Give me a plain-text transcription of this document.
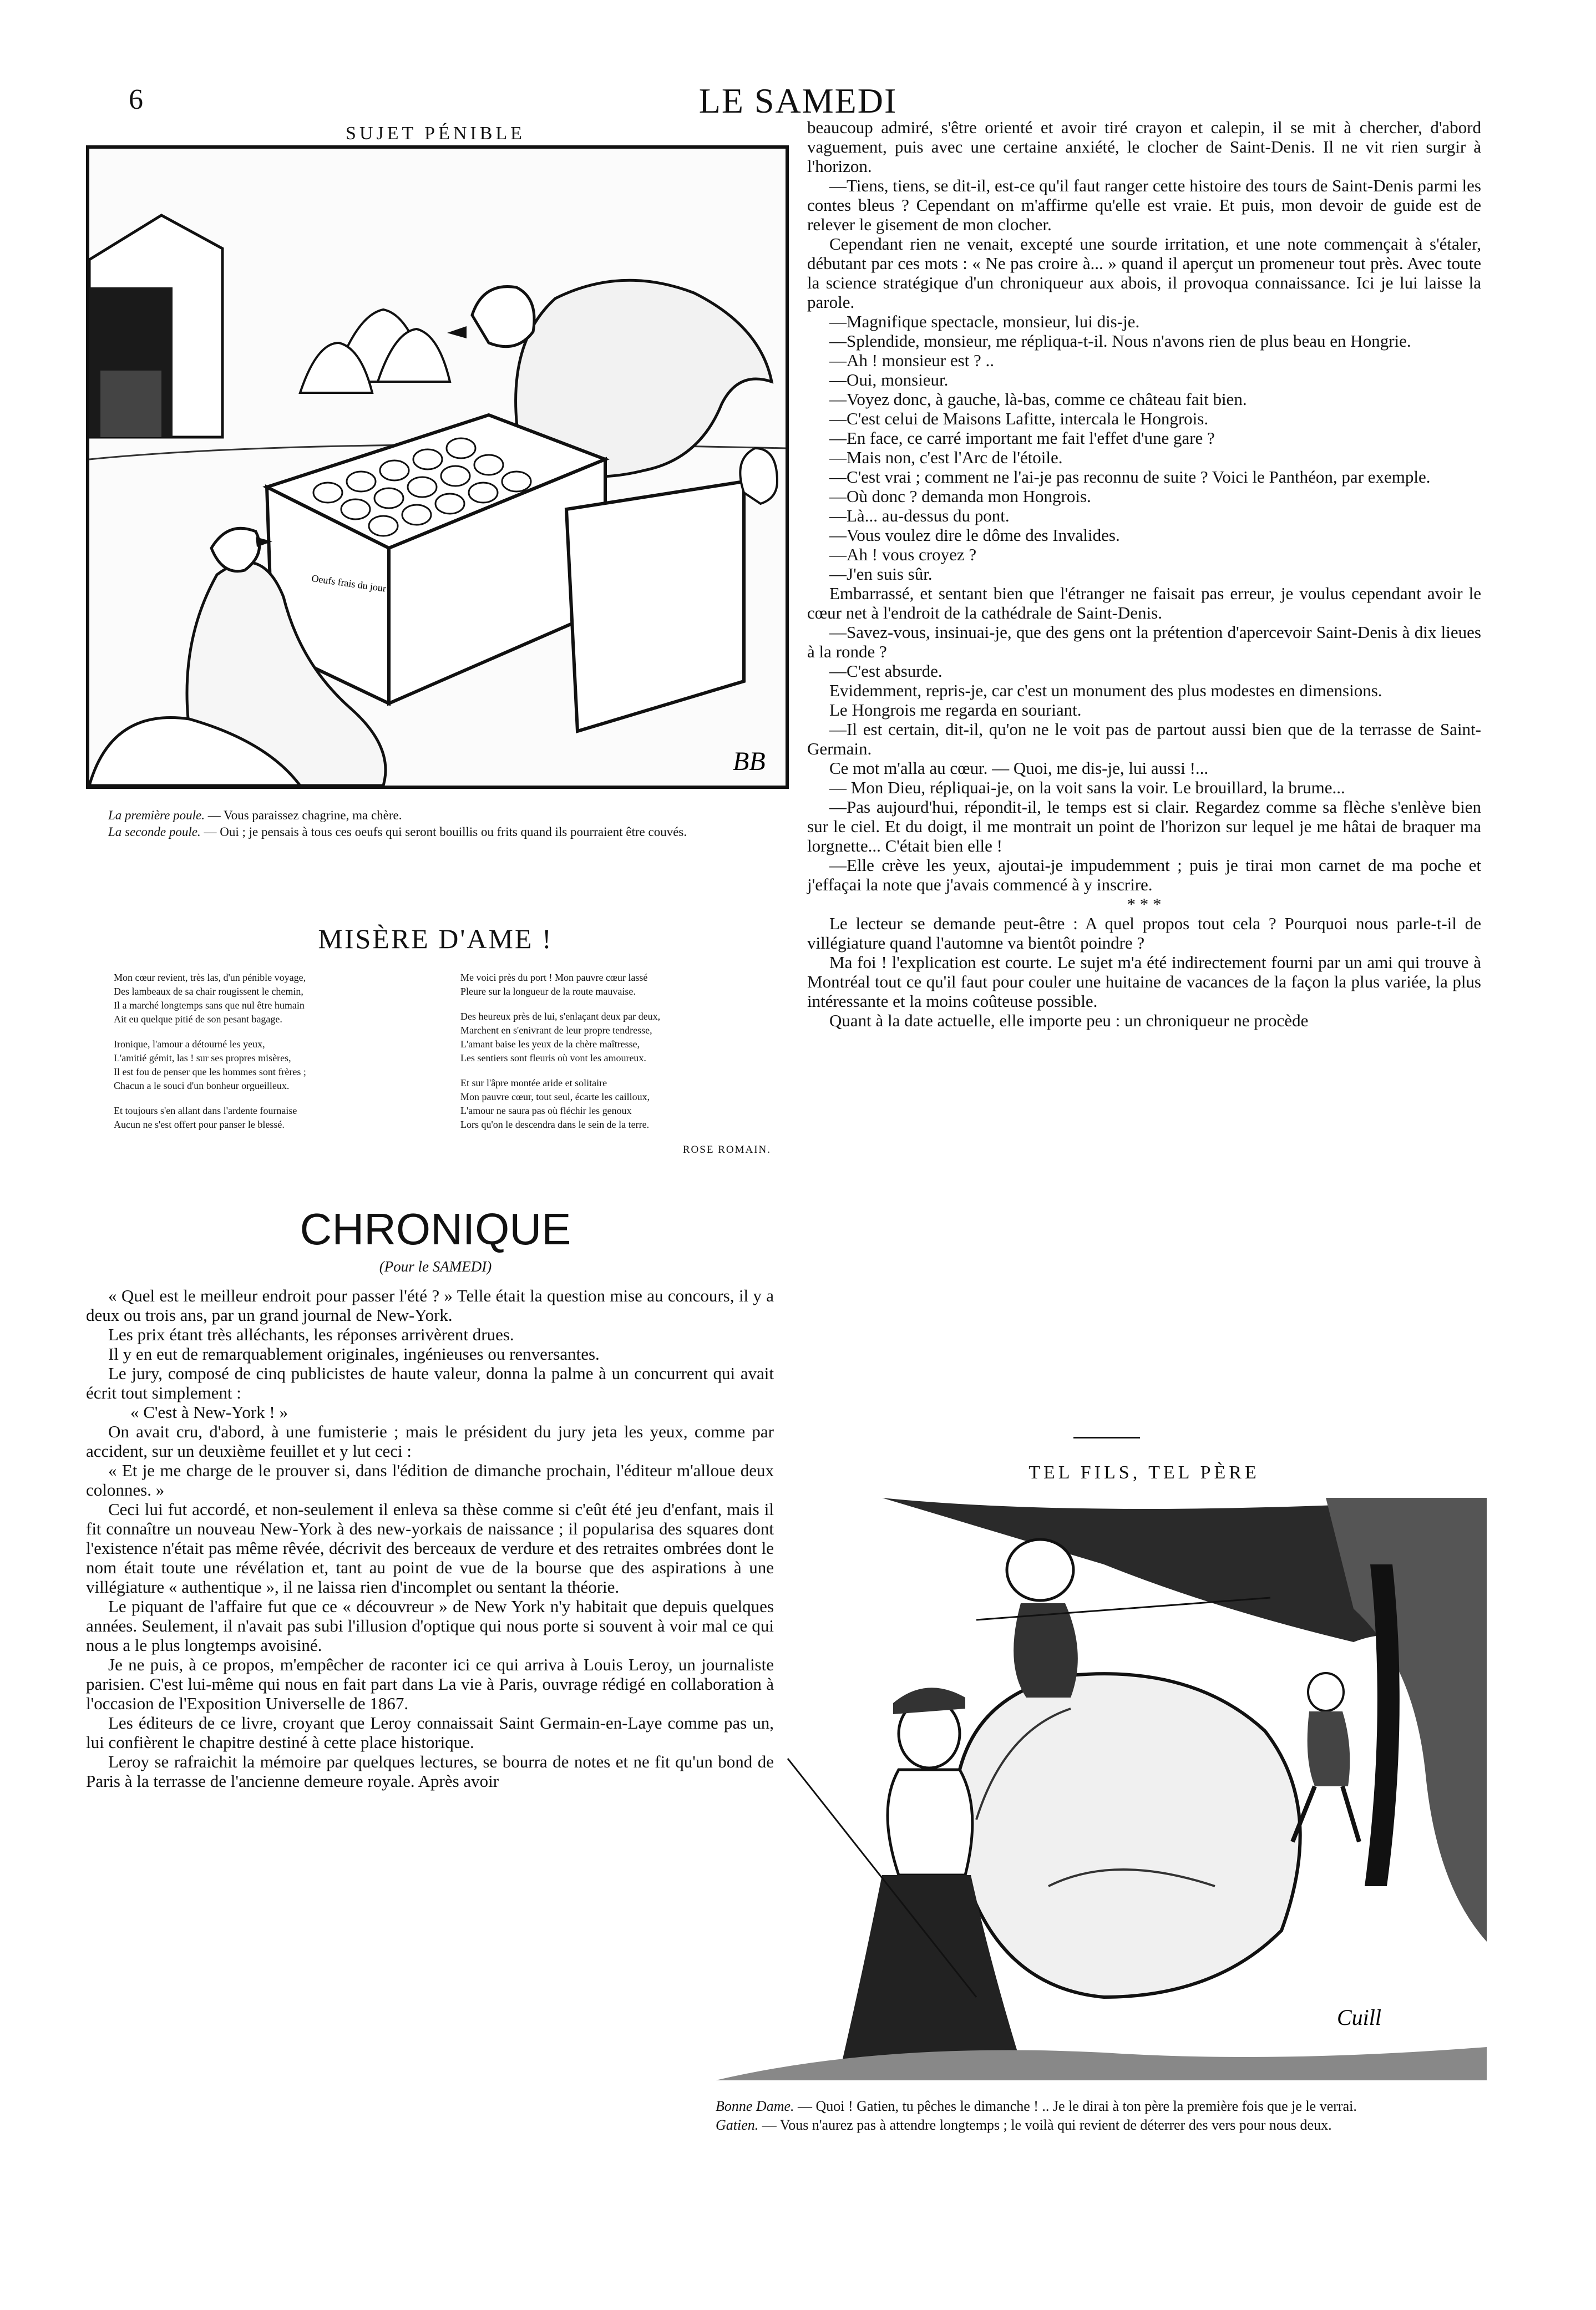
6	LE SAMEDI
SUJET PÉNIBLE
Oeufs frais du jour
BB
La première poule. — Vous paraissez chagrine, ma chère.
La seconde poule. — Oui ; je pensais à tous ces oeufs qui seront bouillis ou frits quand ils pourraient être couvés.
MISÈRE D'AME !
Mon cœur revient, très las, d'un pénible voyage,
Des lambeaux de sa chair rougissent le chemin,
Il a marché longtemps sans que nul être humain
Ait eu quelque pitié de son pesant bagage.
Ironique, l'amour a détourné les yeux,
L'amitié gémit, las ! sur ses propres misères,
Il est fou de penser que les hommes sont frères ;
Chacun a le souci d'un bonheur orgueilleux.
Et toujours s'en allant dans l'ardente fournaise
Aucun ne s'est offert pour panser le blessé.
Me voici près du port ! Mon pauvre cœur lassé
Pleure sur la longueur de la route mauvaise.
Des heureux près de lui, s'enlaçant deux par deux,
Marchent en s'enivrant de leur propre tendresse,
L'amant baise les yeux de la chère maîtresse,
Les sentiers sont fleuris où vont les amoureux.
Et sur l'âpre montée aride et solitaire
Mon pauvre cœur, tout seul, écarte les cailloux,
L'amour ne saura pas où fléchir les genoux
Lors qu'on le descendra dans le sein de la terre.
ROSE ROMAIN.
CHRONIQUE
(Pour le SAMEDI)

« Quel est le meilleur endroit pour passer l'été ? » Telle était la question mise au concours, il y a deux ou trois ans, par un grand journal de New-York.

Les prix étant très alléchants, les réponses arrivèrent drues.

Il y en eut de remarquablement originales, ingénieuses ou renversantes.

Le jury, composé de cinq publicistes de haute valeur, donna la palme à un concurrent qui avait écrit tout simplement :

« C'est à New-York ! »

On avait cru, d'abord, à une fumisterie ; mais le président du jury jeta les yeux, comme par accident, sur un deuxième feuillet et y lut ceci :

« Et je me charge de le prouver si, dans l'édition de dimanche prochain, l'éditeur m'alloue deux colonnes. »

Ceci lui fut accordé, et non-seulement il enleva sa thèse comme si c'eût été jeu d'enfant, mais il fit connaître un nouveau New-York à des new-yorkais de naissance ; il popularisa des squares dont l'existence n'était pas même rêvée, décrivit des berceaux de verdure et des retraites ombrées dont le nom était toute une révélation et, tant au point de vue de la bourse que des aspirations à une villégiature « authentique », il ne laissa rien d'incomplet ou sentant la théorie.

Le piquant de l'affaire fut que ce « découvreur » de New York n'y habitait que depuis quelques années. Seulement, il n'avait pas subi l'illusion d'optique qui nous porte si souvent à voir mal ce qui nous a le plus longtemps avoisiné.

Je ne puis, à ce propos, m'empêcher de raconter ici ce qui arriva à Louis Leroy, un journaliste parisien. C'est lui-même qui nous en fait part dans La vie à Paris, ouvrage rédigé en collaboration à l'occasion de l'Exposition Universelle de 1867.

Les éditeurs de ce livre, croyant que Leroy connaissait Saint Germain-en-Laye comme pas un, lui confièrent le chapitre destiné à cette place historique.

Leroy se rafraichit la mémoire par quelques lectures, se bourra de notes et ne fit qu'un bond de Paris à la terrasse de l'ancienne demeure royale. Après avoir

beaucoup admiré, s'être orienté et avoir tiré crayon et calepin, il se mit à chercher, d'abord vaguement, puis avec une certaine anxiété, le clocher de Saint-Denis. Il ne vit rien surgir à l'horizon.

—Tiens, tiens, se dit-il, est-ce qu'il faut ranger cette histoire des tours de Saint-Denis parmi les contes bleus ? Cependant on m'affirme qu'elle est vraie. Et puis, mon devoir de guide est de relever le gisement de mon clocher.

Cependant rien ne venait, excepté une sourde irritation, et une note commençait à s'étaler, débutant par ces mots : « Ne pas croire à... » quand il aperçut un promeneur tout près. Avec toute la science stratégique d'un chroniqueur aux abois, il provoqua connaissance. Ici je lui laisse la parole.

—Magnifique spectacle, monsieur, lui dis-je.

—Splendide, monsieur, me répliqua-t-il. Nous n'avons rien de plus beau en Hongrie.

—Ah ! monsieur est ? ..

—Oui, monsieur.

—Voyez donc, à gauche, là-bas, comme ce château fait bien.

—C'est celui de Maisons Lafitte, intercala le Hongrois.

—En face, ce carré important me fait l'effet d'une gare ?

—Mais non, c'est l'Arc de l'étoile.

—C'est vrai ; comment ne l'ai-je pas reconnu de suite ? Voici le Panthéon, par exemple.

—Où donc ? demanda mon Hongrois.

—Là... au-dessus du pont.

—Vous voulez dire le dôme des Invalides.

—Ah ! vous croyez ?

—J'en suis sûr.

Embarrassé, et sentant bien que l'étranger ne faisait pas erreur, je voulus cependant avoir le cœur net à l'endroit de la cathédrale de Saint-Denis.

—Savez-vous, insinuai-je, que des gens ont la prétention d'apercevoir Saint-Denis à dix lieues à la ronde ?

—C'est absurde.

Evidemment, repris-je, car c'est un monument des plus modestes en dimensions.

Le Hongrois me regarda en souriant.

—Il est certain, dit-il, qu'on ne le voit pas de partout aussi bien que de la terrasse de Saint-Germain.

Ce mot m'alla au cœur. — Quoi, me dis-je, lui aussi !...

— Mon Dieu, répliquai-je, on la voit sans la voir. Le brouillard, la brume...

—Pas aujourd'hui, répondit-il, le temps est si clair. Regardez comme sa flèche s'enlève bien sur le ciel. Et du doigt, il me montrait un point de l'horizon sur lequel je me hâtai de braquer ma lorgnette... C'était bien elle !

—Elle crève les yeux, ajoutai-je impudemment ; puis je tirai mon carnet de ma poche et j'effaçai la note que j'avais commencé à y inscrire.

* * *

Le lecteur se demande peut-être : A quel propos tout cela ? Pourquoi nous parle-t-il de villégiature quand l'automne va bientôt poindre ?

Ma foi ! l'explication est courte. Le sujet m'a été indirectement fourni par un ami qui trouve à Montréal tout ce qu'il faut pour couler une huitaine de vacances de la façon la plus variée, la plus intéressante et la moins coûteuse possible.

Quant à la date actuelle, elle importe peu : un chroniqueur ne procède

TEL FILS, TEL PÈRE
Cuill
Bonne Dame. — Quoi ! Gatien, tu pêches le dimanche ! .. Je le dirai à ton père la première fois que je le verrai.
Gatien. — Vous n'aurez pas à attendre longtemps ; le voilà qui revient de déterrer des vers pour nous deux.
